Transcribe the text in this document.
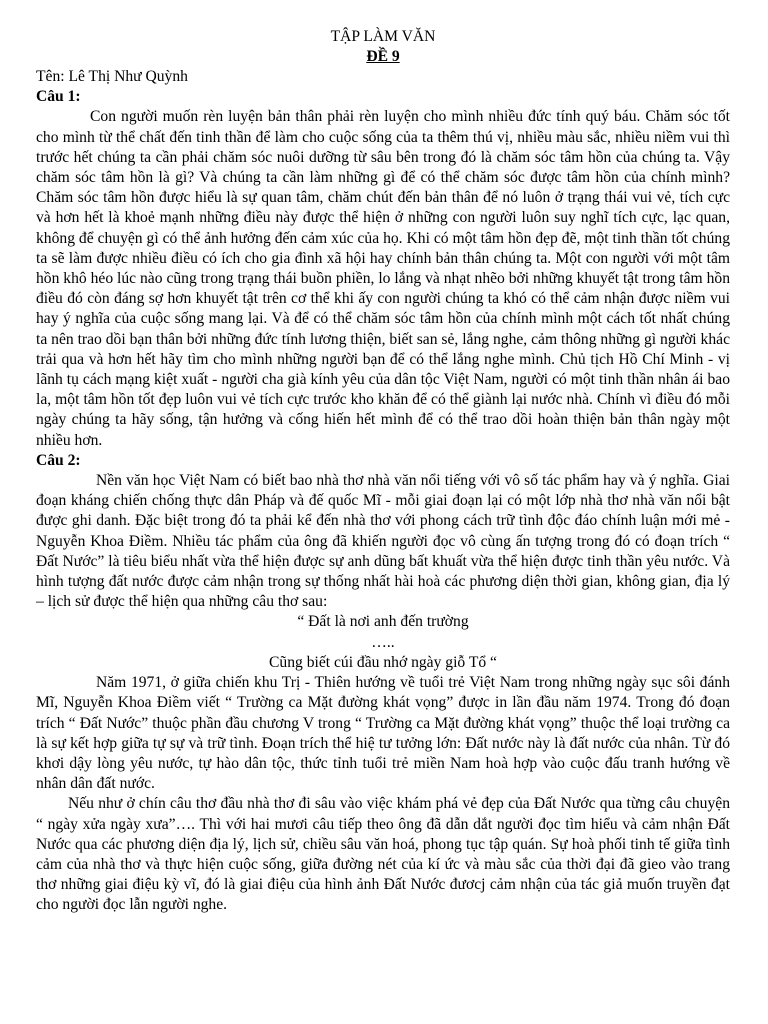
TẬP LÀM VĂN
ĐỀ 9
Tên: Lê Thị Như Quỳnh
Câu 1:

Con người muốn rèn luyện bản thân phải rèn luyện cho mình nhiều đức tính quý báu. Chăm sóc tốt cho mình từ thể chất đến tinh thần để làm cho cuộc sống của ta thêm thú vị, nhiều màu sắc, nhiều niềm vui thì trước hết chúng ta cần phải chăm sóc nuôi dưỡng từ sâu bên trong đó là chăm sóc tâm hồn của chúng ta. Vậy chăm sóc tâm hồn là gì? Và chúng ta cần làm những gì để có thể chăm sóc được tâm hồn của chính mình? Chăm sóc tâm hồn được hiểu là sự quan tâm, chăm chút đến bản thân để nó luôn ở trạng thái vui vẻ, tích cực và hơn hết là khoẻ mạnh những điều này được thể hiện ở những con người luôn suy nghĩ tích cực, lạc quan, không để chuyện gì có thể ảnh hưởng đến cảm xúc của họ. Khi có một tâm hồn đẹp đẽ, một tinh thần tốt chúng ta sẽ làm được nhiều điều có ích cho gia đình xã hội hay chính bản thân chúng ta. Một con người với một tâm hồn khô héo lúc nào cũng trong trạng thái buồn phiền, lo lắng và nhạt nhẽo bởi những khuyết tật trong tâm hồn điều đó còn đáng sợ hơn khuyết tật trên cơ thể khi ấy con người chúng ta khó có thể cảm nhận được niềm vui hay ý nghĩa của cuộc sống mang lại. Và để có thể chăm sóc tâm hồn của chính mình một cách tốt nhất chúng ta nên trao dồi bạn thân bởi những đức tính lương thiện, biết san sẻ, lắng nghe, cảm thông những gì người khác trải qua và hơn hết hãy tìm cho mình những người bạn để có thể lắng nghe mình. Chủ tịch Hồ Chí Minh - vị lãnh tụ cách mạng kiệt xuất - người cha già kính yêu của dân tộc Việt Nam, người có một tinh thần nhân ái bao la, một tâm hồn tốt đẹp luôn vui vẻ tích cực trước kho khăn để có thể giành lại nước nhà. Chính vì điều đó mỗi ngày chúng ta hãy sống, tận hưởng và cống hiến hết mình để có thể trao dồi hoàn thiện bản thân ngày một nhiều hơn.

Câu 2:

Nền văn học Việt Nam có biết bao nhà thơ nhà văn nổi tiếng với vô số tác phẩm hay và ý nghĩa. Giai đoạn kháng chiến chống thực dân Pháp và đế quốc Mĩ - mỗi giai đoạn lại có một lớp nhà thơ nhà văn nổi bật được ghi danh. Đặc biệt trong đó ta phải kể đến nhà thơ với phong cách trữ tình độc đáo chính luận mới mẻ - Nguyễn Khoa Điềm. Nhiều tác phẩm của ông đã khiến người đọc vô cùng ấn tượng trong đó có đoạn trích “ Đất Nước” là tiêu biểu nhất vừa thể hiện được sự anh dũng bất khuất vừa thể hiện được tinh thần yêu nước. Và hình tượng đất nước được cảm nhận trong sự thống nhất hài hoà các phương diện thời gian, không gian, địa lý – lịch sử được thể hiện qua những câu thơ sau:

“ Đất là nơi anh đến trường
…..
Cũng biết cúi đầu nhớ ngày giỗ Tổ “

Năm 1971, ở giữa chiến khu Trị - Thiên hướng về tuổi trẻ Việt Nam trong những ngày sục sôi đánh Mĩ, Nguyễn Khoa Điềm viết “ Trường ca Mặt đường khát vọng” được in lần đầu năm 1974. Trong đó đoạn trích “ Đất Nước” thuộc phần đầu chương V trong “ Trường ca Mặt đường khát vọng” thuộc thể loại trường ca là sự kết hợp giữa tự sự và trữ tình. Đoạn trích thể hiệ tư tưởng lớn: Đất nước này là đất nước của nhân. Từ đó khơi dậy lòng yêu nước, tự hào dân tộc, thức tỉnh tuổi trẻ miền Nam hoà hợp vào cuộc đấu tranh hướng về nhân dân đất nước.

Nếu như ở chín câu thơ đầu nhà thơ đi sâu vào việc khám phá vẻ đẹp của Đất Nước qua từng câu chuyện “ ngày xửa ngày xưa”…. Thì với hai mươi câu tiếp theo ông đã dẫn dắt người đọc tìm hiểu và cảm nhận Đất Nước qua các phương diện địa lý, lịch sử, chiều sâu văn hoá, phong tục tập quán. Sự hoà phối tinh tế giữa tình cảm của nhà thơ và thực hiện cuộc sống, giữa đường nét của kí ức và màu sắc của thời đại đã gieo vào trang thơ những giai điệu kỳ vĩ, đó là giai điệu của hình ảnh Đất Nước đươcj cảm nhận của tác giả muốn truyền đạt cho người đọc lẫn người nghe.
